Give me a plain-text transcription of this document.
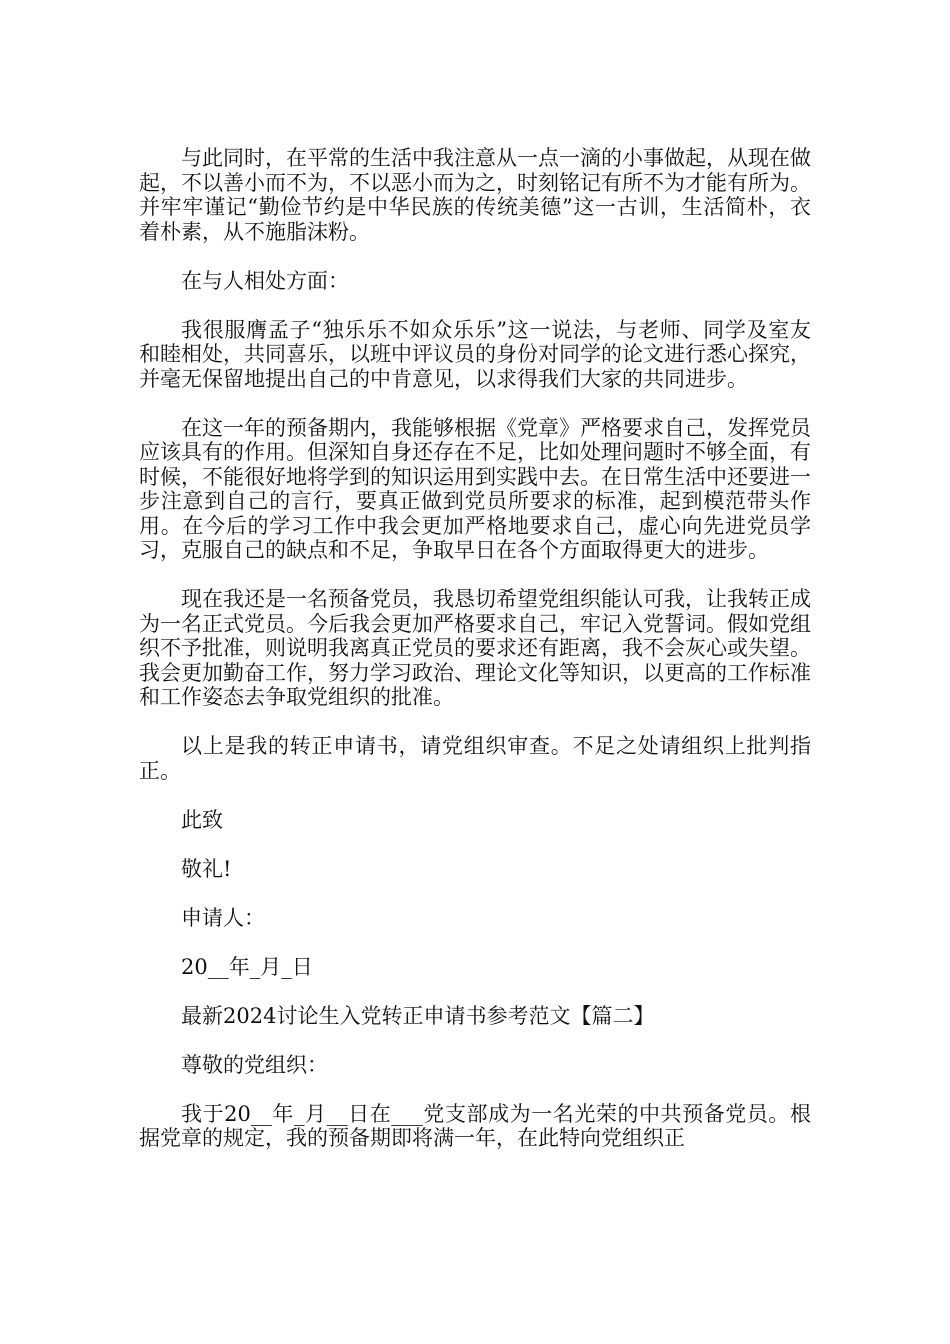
与此同时，在平常的生活中我注意从一点一滴的小事做起，从现在做起，不以善小而不为，不以恶小而为之，时刻铭记有所不为才能有所为。并牢牢谨记“勤俭节约是中华民族的传统美德”这一古训，生活简朴，衣着朴素，从不施脂沫粉。

在与人相处方面：

我很服膺孟子“独乐乐不如众乐乐”这一说法，与老师、同学及室友和睦相处，共同喜乐，以班中评议员的身份对同学的论文进行悉心探究，并毫无保留地提出自己的中肯意见，以求得我们大家的共同进步。

在这一年的预备期内，我能够根据《党章》严格要求自己，发挥党员应该具有的作用。但深知自身还存在不足，比如处理问题时不够全面，有时候，不能很好地将学到的知识运用到实践中去。在日常生活中还要进一步注意到自己的言行，要真正做到党员所要求的标准，起到模范带头作用。在今后的学习工作中我会更加严格地要求自己，虚心向先进党员学习，克服自己的缺点和不足，争取早日在各个方面取得更大的进步。

现在我还是一名预备党员，我恳切希望党组织能认可我，让我转正成为一名正式党员。今后我会更加严格要求自己，牢记入党誓词。假如党组织不予批准，则说明我离真正党员的要求还有距离，我不会灰心或失望。我会更加勤奋工作，努力学习政治、理论文化等知识，以更高的工作标准和工作姿态去争取党组织的批准。

以上是我的转正申请书，请党组织审查。不足之处请组织上批判指正。

此致
敬礼!
申请人：
20__年_月_日
最新2024讨论生入党转正申请书参考范文【篇二】
尊敬的党组织：

我于20__年_月__日在___党支部成为一名光荣的中共预备党员。根据党章的规定，我的预备期即将满一年，在此特向党组织正
